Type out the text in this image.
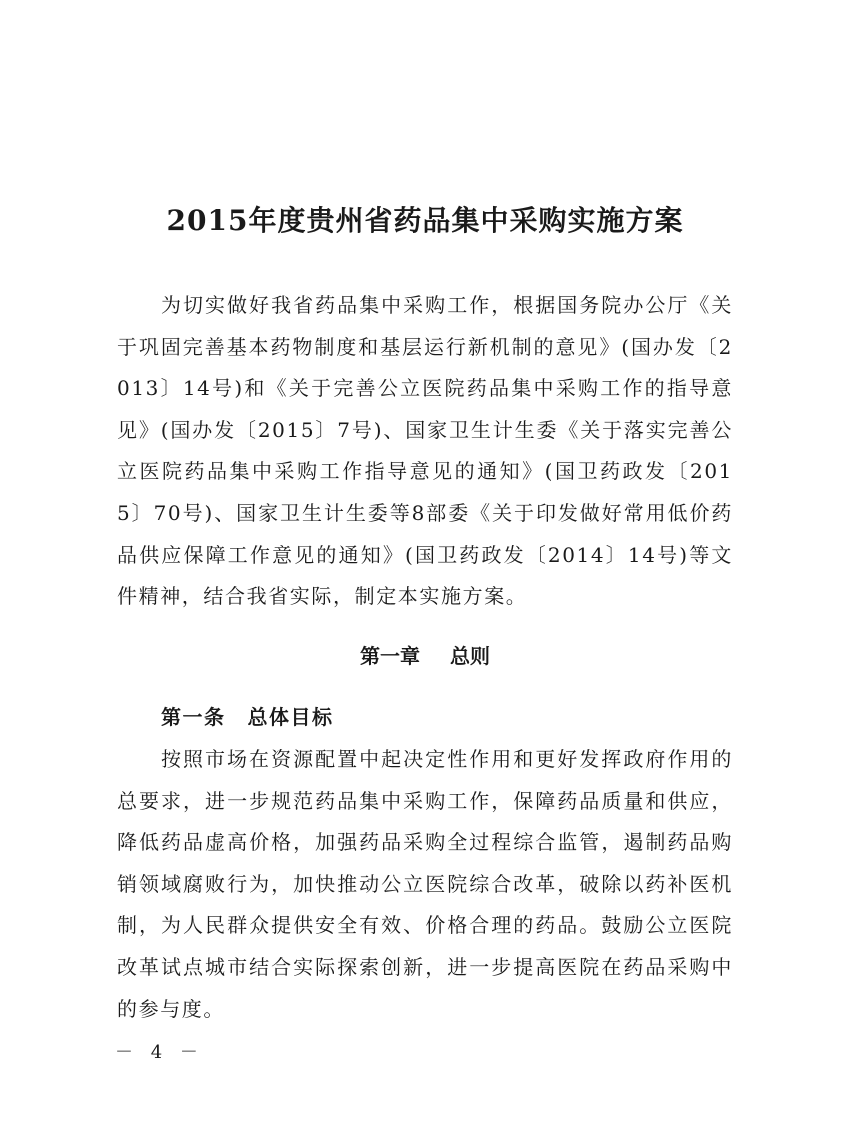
2015年度贵州省药品集中采购实施方案

为切实做好我省药品集中采购工作，根据国务院办公厅《关于巩固完善基本药物制度和基层运行新机制的意见》(国办发〔2013〕14号)和《关于完善公立医院药品集中采购工作的指导意见》(国办发〔2015〕7号)、国家卫生计生委《关于落实完善公立医院药品集中采购工作指导意见的通知》(国卫药政发〔2015〕70号)、国家卫生计生委等8部委《关于印发做好常用低价药品供应保障工作意见的通知》(国卫药政发〔2014〕14号)等文件精神，结合我省实际，制定本实施方案。

第一章 总则
第一条 总体目标

按照市场在资源配置中起决定性作用和更好发挥政府作用的总要求，进一步规范药品集中采购工作，保障药品质量和供应，降低药品虚高价格，加强药品采购全过程综合监管，遏制药品购销领域腐败行为，加快推动公立医院综合改革，破除以药补医机制，为人民群众提供安全有效、价格合理的药品。鼓励公立医院改革试点城市结合实际探索创新，进一步提高医院在药品采购中的参与度。

－ 4 －
